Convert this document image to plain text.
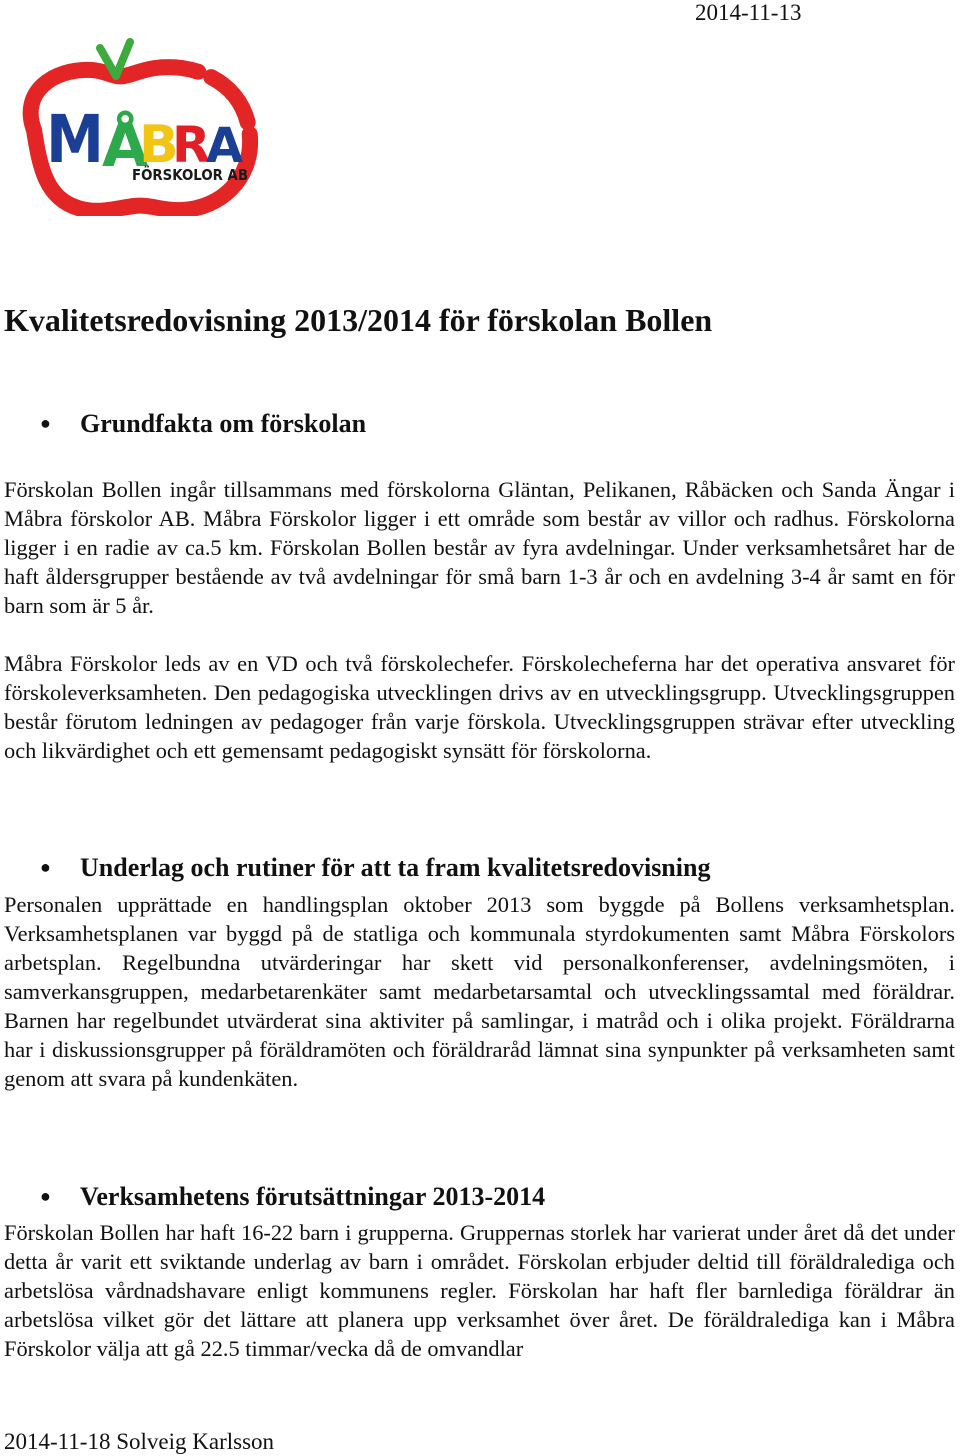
2014-11-13
M
Å
B
R
A
FÖRSKOLOR AB
Kvalitetsredovisning 2013/2014 för förskolan Bollen
● Grundfakta om förskolan

Förskolan Bollen ingår tillsammans med förskolorna Gläntan, Pelikanen, Råbäcken och Sanda Ängar i Måbra förskolor AB. Måbra Förskolor ligger i ett område som består av villor och radhus. Förskolorna ligger i en radie av ca.5 km. Förskolan Bollen består av fyra avdelningar. Under verksamhetsåret har de haft åldersgrupper bestående av två avdelningar för små barn 1-3 år och en avdelning 3-4 år samt en för barn som är 5 år.

Måbra Förskolor leds av en VD och två förskolechefer. Förskolecheferna har det operativa ansvaret för förskoleverksamheten. Den pedagogiska utvecklingen drivs av en utvecklingsgrupp. Utvecklingsgruppen består förutom ledningen av pedagoger från varje förskola. Utvecklingsgruppen strävar efter utveckling och likvärdighet och ett gemensamt pedagogiskt synsätt för förskolorna.

● Underlag och rutiner för att ta fram kvalitetsredovisning

Personalen upprättade en handlingsplan oktober 2013 som byggde på Bollens verksamhetsplan. Verksamhetsplanen var byggd på de statliga och kommunala styrdokumenten samt Måbra Förskolors arbetsplan. Regelbundna utvärderingar har skett vid personalkonferenser, avdelningsmöten, i samverkansgruppen, medarbetarenkäter samt medarbetarsamtal och utvecklingssamtal med föräldrar. Barnen har regelbundet utvärderat sina aktiviter på samlingar, i matråd och i olika projekt. Föräldrarna har i diskussionsgrupper på föräldramöten och föräldraråd lämnat sina synpunkter på verksamheten samt genom att svara på kundenkäten.

● Verksamhetens förutsättningar 2013-2014

Förskolan Bollen har haft 16-22 barn i grupperna. Gruppernas storlek har varierat under året då det under detta år varit ett sviktande underlag av barn i området. Förskolan erbjuder deltid till föräldralediga och arbetslösa vårdnadshavare enligt kommunens regler. Förskolan har haft fler barnlediga föräldrar än arbetslösa vilket gör det lättare att planera upp verksamhet över året. De föräldralediga kan i Måbra Förskolor välja att gå 22.5 timmar/vecka då de omvandlar

2014-11-18 Solveig Karlsson
